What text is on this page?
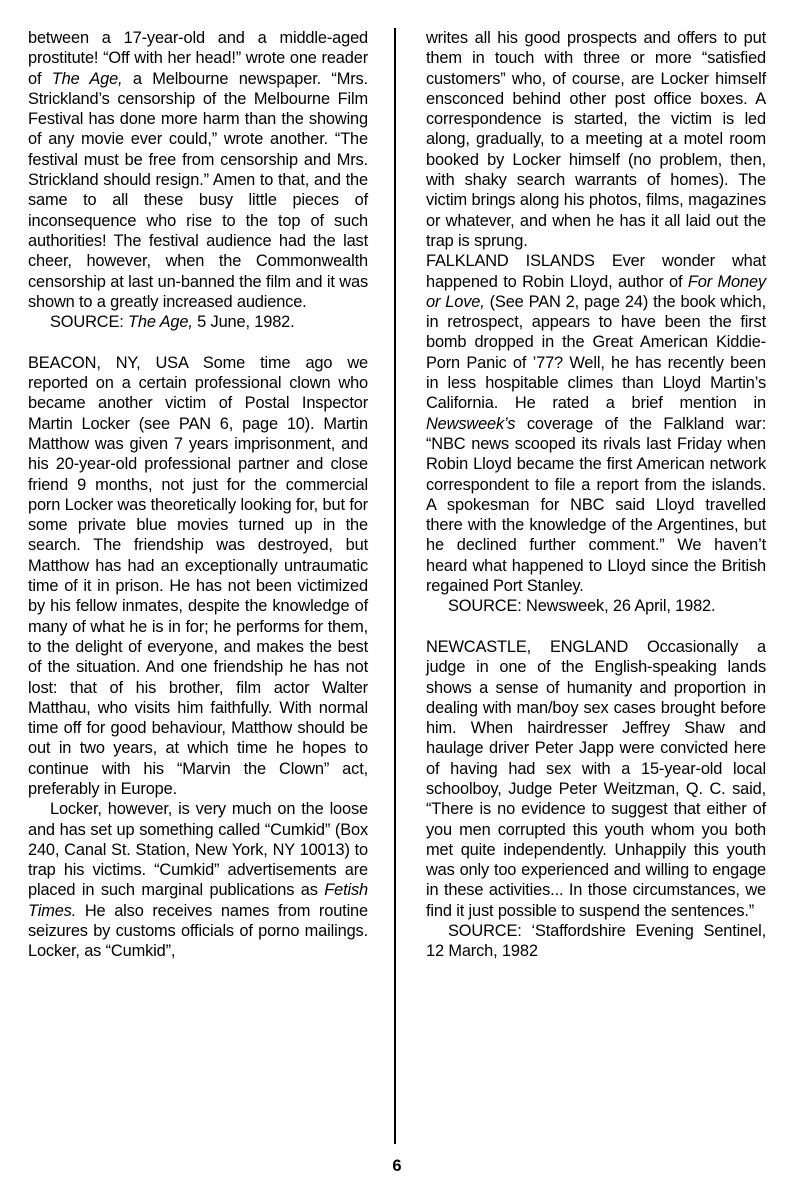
between a 17-year-old and a middle-aged prostitute! “Off with her head!” wrote one reader of The Age, a Melbourne newspaper. “Mrs. Strickland’s censorship of the Melbourne Film Festival has done more harm than the showing of any movie ever could,” wrote another. “The festival must be free from censorship and Mrs. Strickland should resign.” Amen to that, and the same to all these busy little pieces of inconsequence who rise to the top of such authorities! The festival audience had the last cheer, however, when the Commonwealth censorship at last un-banned the film and it was shown to a greatly increased audience.

SOURCE: The Age, 5 June, 1982.

BEACON, NY, USA Some time ago we reported on a certain professional clown who became another victim of Postal Inspector Martin Locker (see PAN 6, page 10). Martin Matthow was given 7 years imprisonment, and his 20-year-old professional partner and close friend 9 months, not just for the commercial porn Locker was theoretically looking for, but for some private blue movies turned up in the search. The friendship was destroyed, but Matthow has had an exceptionally untraumatic time of it in prison. He has not been victimized by his fellow inmates, despite the knowledge of many of what he is in for; he performs for them, to the delight of everyone, and makes the best of the situation. And one friendship he has not lost: that of his brother, film actor Walter Matthau, who visits him faithfully. With normal time off for good behaviour, Matthow should be out in two years, at which time he hopes to continue with his “Marvin the Clown” act, preferably in Europe.

Locker, however, is very much on the loose and has set up something called “Cumkid” (Box 240, Canal St. Station, New York, NY 10013) to trap his victims. “Cumkid” advertisements are placed in such marginal publications as Fetish Times. He also receives names from routine seizures by customs officials of porno mailings. Locker, as “Cumkid”,

writes all his good prospects and offers to put them in touch with three or more “satisfied customers” who, of course, are Locker himself ensconced behind other post office boxes. A correspondence is started, the victim is led along, gradually, to a meeting at a motel room booked by Locker himself (no problem, then, with shaky search warrants of homes). The victim brings along his photos, films, magazines or whatever, and when he has it all laid out the trap is sprung.

FALKLAND ISLANDS Ever wonder what happened to Robin Lloyd, author of For Money or Love, (See PAN 2, page 24) the book which, in retrospect, appears to have been the first bomb dropped in the Great American Kiddie-Porn Panic of ’77? Well, he has recently been in less hospitable climes than Lloyd Martin’s California. He rated a brief mention in Newsweek’s coverage of the Falkland war: “NBC news scooped its rivals last Friday when Robin Lloyd became the first American network correspondent to file a report from the islands. A spokesman for NBC said Lloyd travelled there with the knowledge of the Argentines, but he declined further comment.” We haven’t heard what happened to Lloyd since the British regained Port Stanley.

SOURCE: Newsweek, 26 April, 1982.

NEWCASTLE, ENGLAND Occasionally a judge in one of the English-speaking lands shows a sense of humanity and proportion in dealing with man/boy sex cases brought before him. When hairdresser Jeffrey Shaw and haulage driver Peter Japp were convicted here of having had sex with a 15-year-old local schoolboy, Judge Peter Weitzman, Q. C. said, “There is no evidence to suggest that either of you men corrupted this youth whom you both met quite independently. Unhappily this youth was only too experienced and willing to engage in these activities... In those circumstances, we find it just possible to suspend the sentences.”

SOURCE: ‘Staffordshire Evening Sentinel, 12 March, 1982

6
